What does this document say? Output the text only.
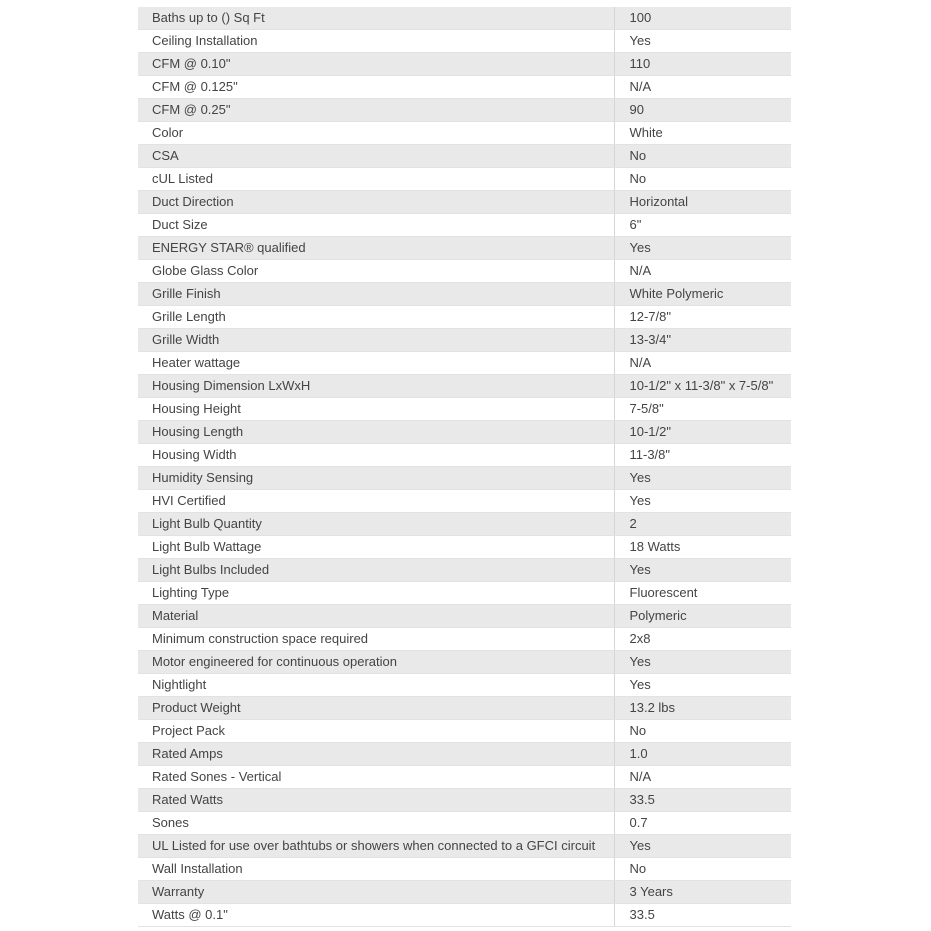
Baths up to () Sq Ft	100
Ceiling Installation	Yes
CFM @ 0.10"	110
CFM @ 0.125"	N/A
CFM @ 0.25"	90
Color	White
CSA	No
cUL Listed	No
Duct Direction	Horizontal
Duct Size	6"
ENERGY STAR® qualified	Yes
Globe Glass Color	N/A
Grille Finish	White Polymeric
Grille Length	12-7/8"
Grille Width	13-3/4"
Heater wattage	N/A
Housing Dimension LxWxH	10-1/2" x 11-3/8" x 7-5/8"
Housing Height	7-5/8"
Housing Length	10-1/2"
Housing Width	11-3/8"
Humidity Sensing	Yes
HVI Certified	Yes
Light Bulb Quantity	2
Light Bulb Wattage	18 Watts
Light Bulbs Included	Yes
Lighting Type	Fluorescent
Material	Polymeric
Minimum construction space required	2x8
Motor engineered for continuous operation	Yes
Nightlight	Yes
Product Weight	13.2 lbs
Project Pack	No
Rated Amps	1.0
Rated Sones - Vertical	N/A
Rated Watts	33.5
Sones	0.7
UL Listed for use over bathtubs or showers when connected to a GFCI circuit	Yes
Wall Installation	No
Warranty	3 Years
Watts @ 0.1"	33.5
